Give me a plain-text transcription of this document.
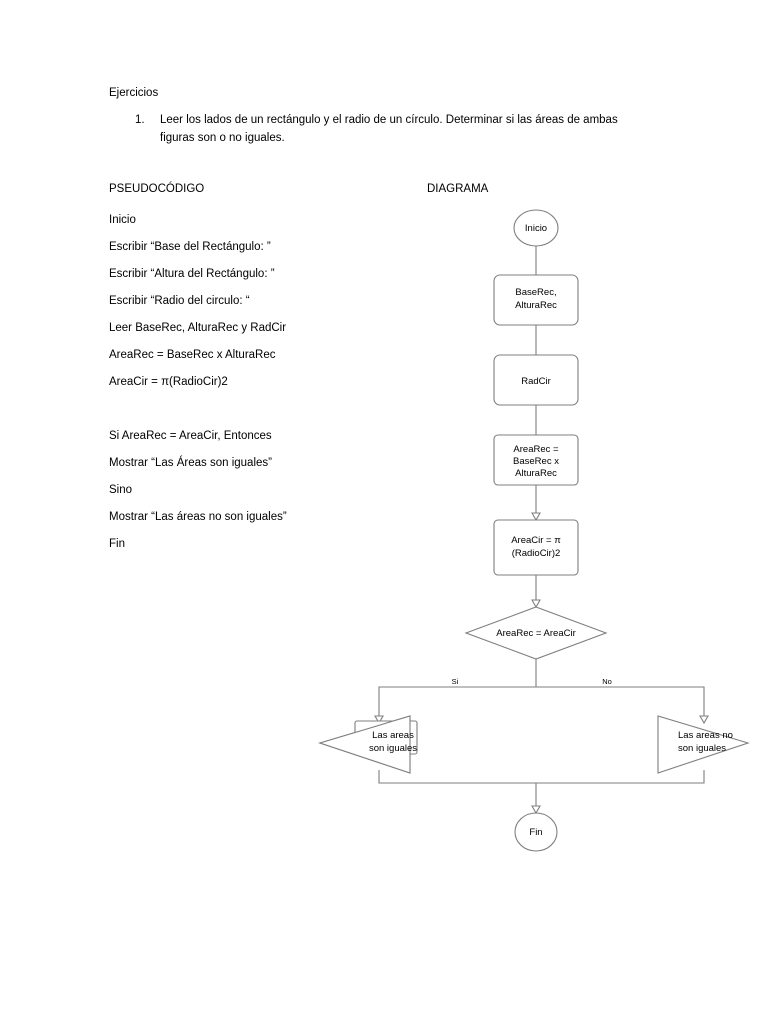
Ejercicios
1.	Leer los lados de un rectángulo y el radio de un círculo. Determinar si las áreas de ambas figuras son o no iguales.
PSEUDOCÓDIGO	DIAGRAMA
Inicio
Escribir “Base del Rectángulo: ”
Escribir “Altura del Rectángulo: ”
Escribir “Radio del circulo: “
Leer BaseRec, AlturaRec y RadCir
AreaRec = BaseRec x AlturaRec
AreaCir = π(RadioCir)2
Si AreaRec = AreaCir, Entonces
Mostrar “Las Áreas son iguales”
Sino
Mostrar “Las áreas no son iguales”
Fin
Si	No
Inicio
BaseRec,
AlturaRec
RadCir
AreaRec =
BaseRec x
AlturaRec
AreaCir = π
(RadioCir)2
AreaRec = AreaCir
Las areas
son iguales
Las areas no
son iguales
Fin
